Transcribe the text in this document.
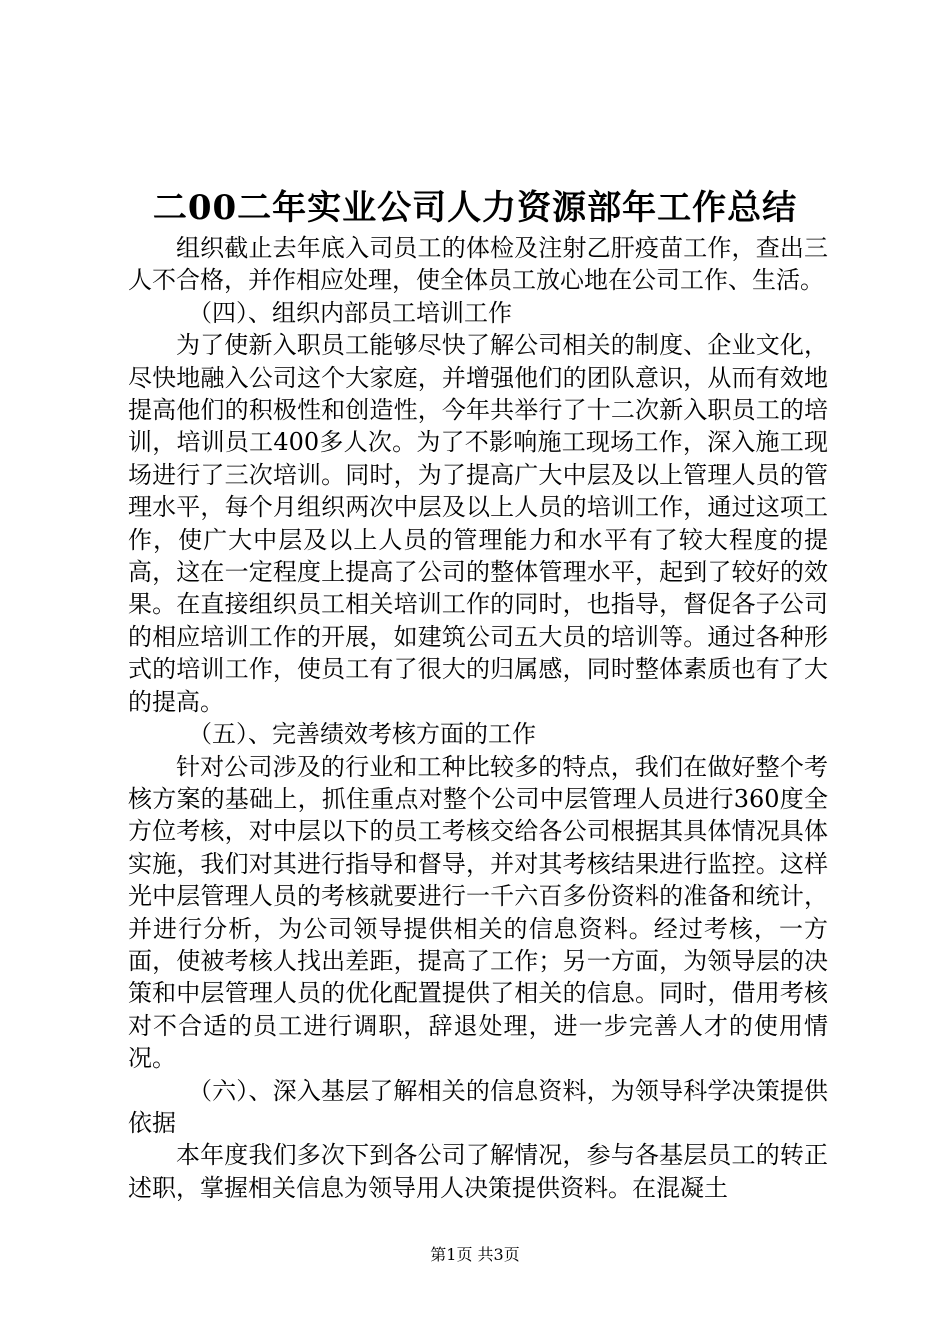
二00二年实业公司人力资源部年工作总结

组织截止去年底入司员工的体检及注射乙肝疫苗工作，查出三人不合格，并作相应处理，使全体员工放心地在公司工作、生活。

（四）、组织内部员工培训工作

为了使新入职员工能够尽快了解公司相关的制度、企业文化，尽快地融入公司这个大家庭，并增强他们的团队意识，从而有效地提高他们的积极性和创造性，今年共举行了十二次新入职员工的培训，培训员工400多人次。为了不影响施工现场工作，深入施工现场进行了三次培训。同时，为了提高广大中层及以上管理人员的管理水平，每个月组织两次中层及以上人员的培训工作，通过这项工作，使广大中层及以上人员的管理能力和水平有了较大程度的提高，这在一定程度上提高了公司的整体管理水平，起到了较好的效果。在直接组织员工相关培训工作的同时，也指导，督促各子公司的相应培训工作的开展，如建筑公司五大员的培训等。通过各种形式的培训工作，使员工有了很大的归属感，同时整体素质也有了大的提高。

（五）、完善绩效考核方面的工作

针对公司涉及的行业和工种比较多的特点，我们在做好整个考核方案的基础上，抓住重点对整个公司中层管理人员进行360度全方位考核，对中层以下的员工考核交给各公司根据其具体情况具体实施，我们对其进行指导和督导，并对其考核结果进行监控。这样光中层管理人员的考核就要进行一千六百多份资料的准备和统计，并进行分析，为公司领导提供相关的信息资料。经过考核，一方面，使被考核人找出差距，提高了工作；另一方面，为领导层的决策和中层管理人员的优化配置提供了相关的信息。同时，借用考核对不合适的员工进行调职，辞退处理，进一步完善人才的使用情况。

（六）、深入基层了解相关的信息资料，为领导科学决策提供依据

本年度我们多次下到各公司了解情况，参与各基层员工的转正述职，掌握相关信息为领导用人决策提供资料。在混凝土

第1页 共3页
